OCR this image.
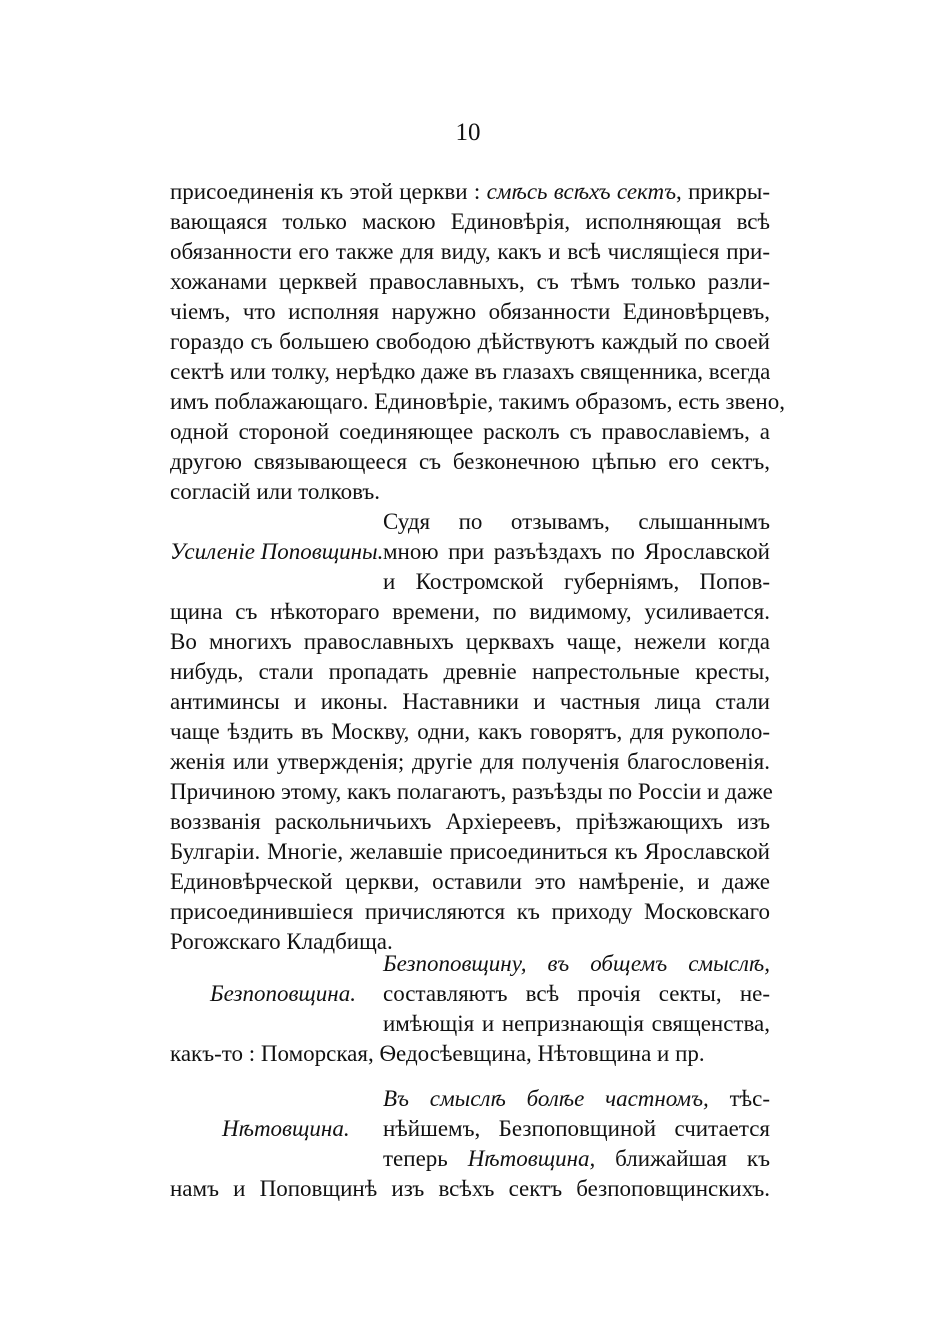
10
присоединенія къ этой церкви : смѣсь всѣхъ сектъ, прикры-
вающаяся только маскою Единовѣрія, исполняющая всѣ
обязанности его также для виду, какъ и всѣ числящіеся при-
хожанами церквей православныхъ, съ тѣмъ только разли-
чіемъ, что исполняя наружно обязанности Единовѣрцевъ,
гораздо съ большею свободою дѣйствуютъ каждый по своей
сектѣ или толку, нерѣдко даже въ глазахъ священника, всегда
имъ поблажающаго. Единовѣріе, такимъ образомъ, есть звено,
одной стороной соединяющее расколъ съ православіемъ, а
другою связывающееся съ безконечною цѣпью его сектъ,
согласій или толковъ.
Усиленіе Поповщины.
Судя по отзывамъ, слышаннымъ
мною при разъѣздахъ по Ярославской
и Костромской губерніямъ, Попов-
щина съ нѣкотораго времени, по видимому, усиливается.
Во многихъ православныхъ церквахъ чаще, нежели когда
нибудь, стали пропадать древніе напрестольные кресты,
антиминсы и иконы. Наставники и частныя лица стали
чаще ѣздить въ Москву, одни, какъ говорятъ, для рукополо-
женія или утвержденія; другіе для полученія благословенія.
Причиною этому, какъ полагаютъ, разъѣзды по Россіи и даже
воззванія раскольничьихъ Архіереевъ, пріѣзжающихъ изъ
Булгаріи. Многіе, желавшіе присоединиться къ Ярославской
Единовѣрческой церкви, оставили это намѣреніе, и даже
присоединившіеся причисляются къ приходу Московскаго
Рогожскаго Кладбища.
Безпоповщина.
Безпоповщину, въ общемъ смыслѣ,
составляютъ всѣ прочія секты, не-
имѣющія и непризнающія священства,
какъ-то : Поморская, Ѳедосѣевщина, Нѣтовщина и пр.
Нѣтовщина.
Въ смыслѣ болѣе частномъ, тѣс-
нѣйшемъ, Безпоповщиной считается
теперь Нѣтовщина, ближайшая къ
намъ и Поповщинѣ изъ всѣхъ сектъ безпоповщинскихъ.
